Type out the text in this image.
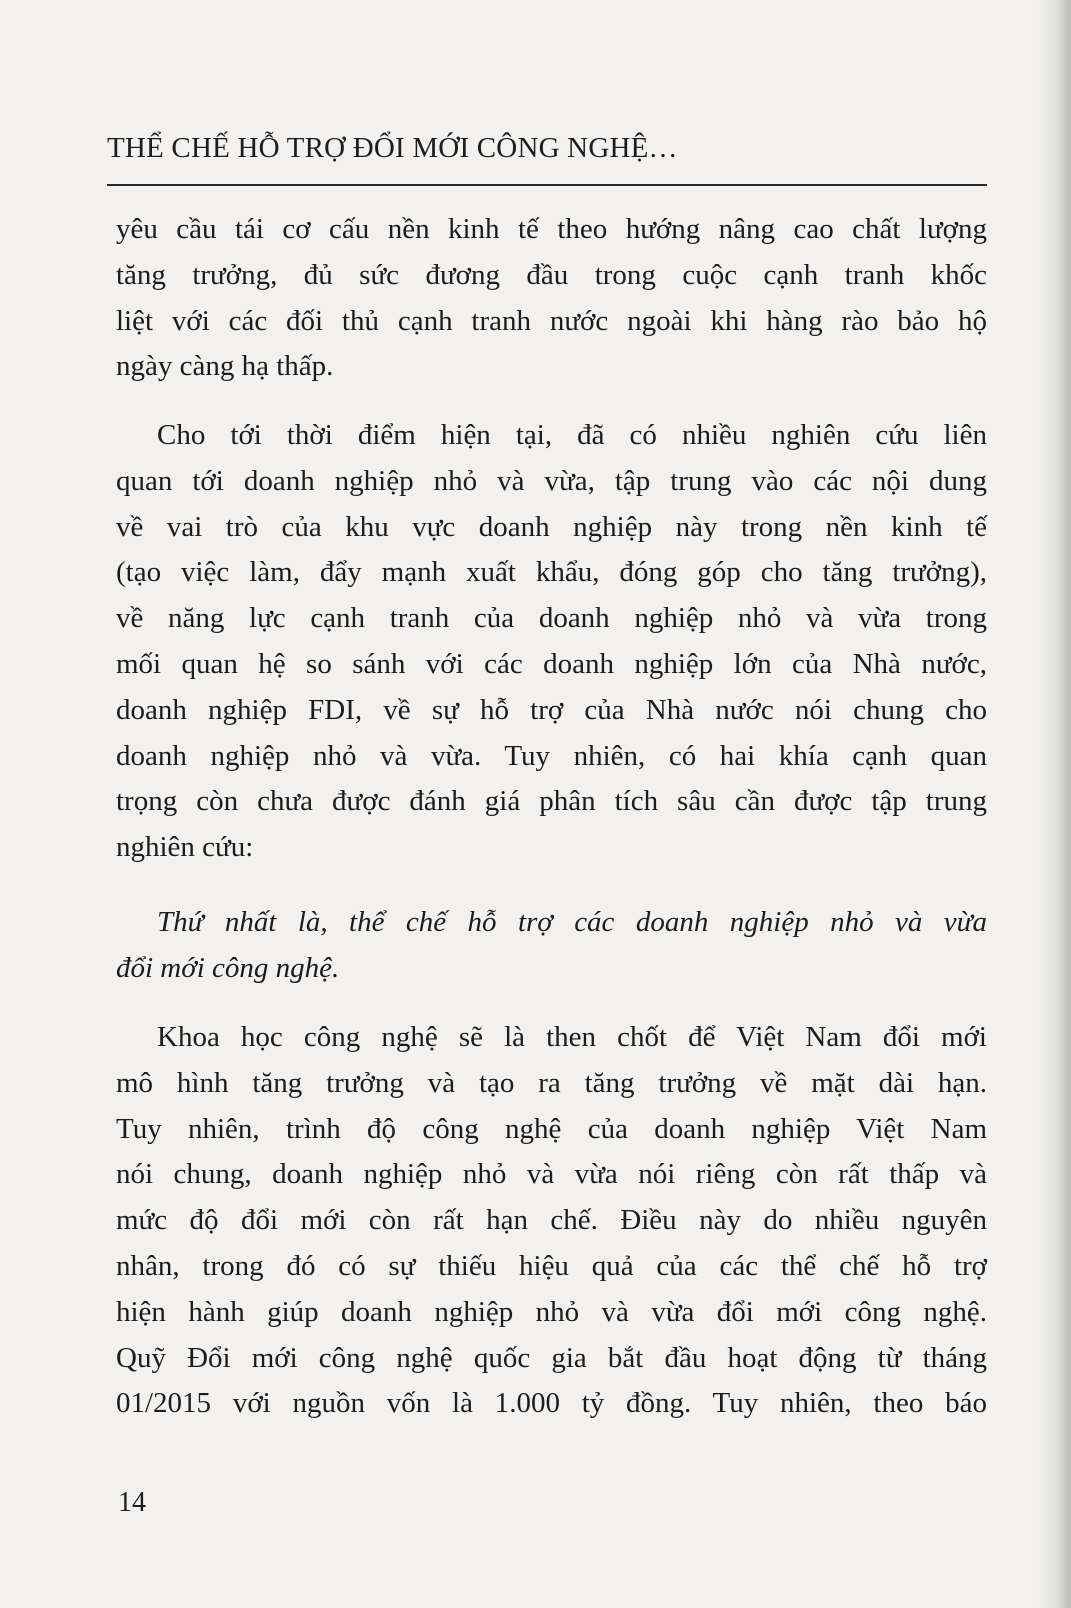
THỂ CHẾ HỖ TRỢ ĐỔI MỚI CÔNG NGHỆ…
yêu cầu tái cơ cấu nền kinh tế theo hướng nâng cao chất lượng
tăng trưởng, đủ sức đương đầu trong cuộc cạnh tranh khốc
liệt với các đối thủ cạnh tranh nước ngoài khi hàng rào bảo hộ
ngày càng hạ thấp.
Cho tới thời điểm hiện tại, đã có nhiều nghiên cứu liên
quan tới doanh nghiệp nhỏ và vừa, tập trung vào các nội dung
về vai trò của khu vực doanh nghiệp này trong nền kinh tế
(tạo việc làm, đẩy mạnh xuất khẩu, đóng góp cho tăng trưởng),
về năng lực cạnh tranh của doanh nghiệp nhỏ và vừa trong
mối quan hệ so sánh với các doanh nghiệp lớn của Nhà nước,
doanh nghiệp FDI, về sự hỗ trợ của Nhà nước nói chung cho
doanh nghiệp nhỏ và vừa. Tuy nhiên, có hai khía cạnh quan
trọng còn chưa được đánh giá phân tích sâu cần được tập trung
nghiên cứu:
Thứ nhất là, thể chế hỗ trợ các doanh nghiệp nhỏ và vừa
đổi mới công nghệ.
Khoa học công nghệ sẽ là then chốt để Việt Nam đổi mới
mô hình tăng trưởng và tạo ra tăng trưởng về mặt dài hạn.
Tuy nhiên, trình độ công nghệ của doanh nghiệp Việt Nam
nói chung, doanh nghiệp nhỏ và vừa nói riêng còn rất thấp và
mức độ đổi mới còn rất hạn chế. Điều này do nhiều nguyên
nhân, trong đó có sự thiếu hiệu quả của các thể chế hỗ trợ
hiện hành giúp doanh nghiệp nhỏ và vừa đổi mới công nghệ.
Quỹ Đổi mới công nghệ quốc gia bắt đầu hoạt động từ tháng
01/2015 với nguồn vốn là 1.000 tỷ đồng. Tuy nhiên, theo báo
14
